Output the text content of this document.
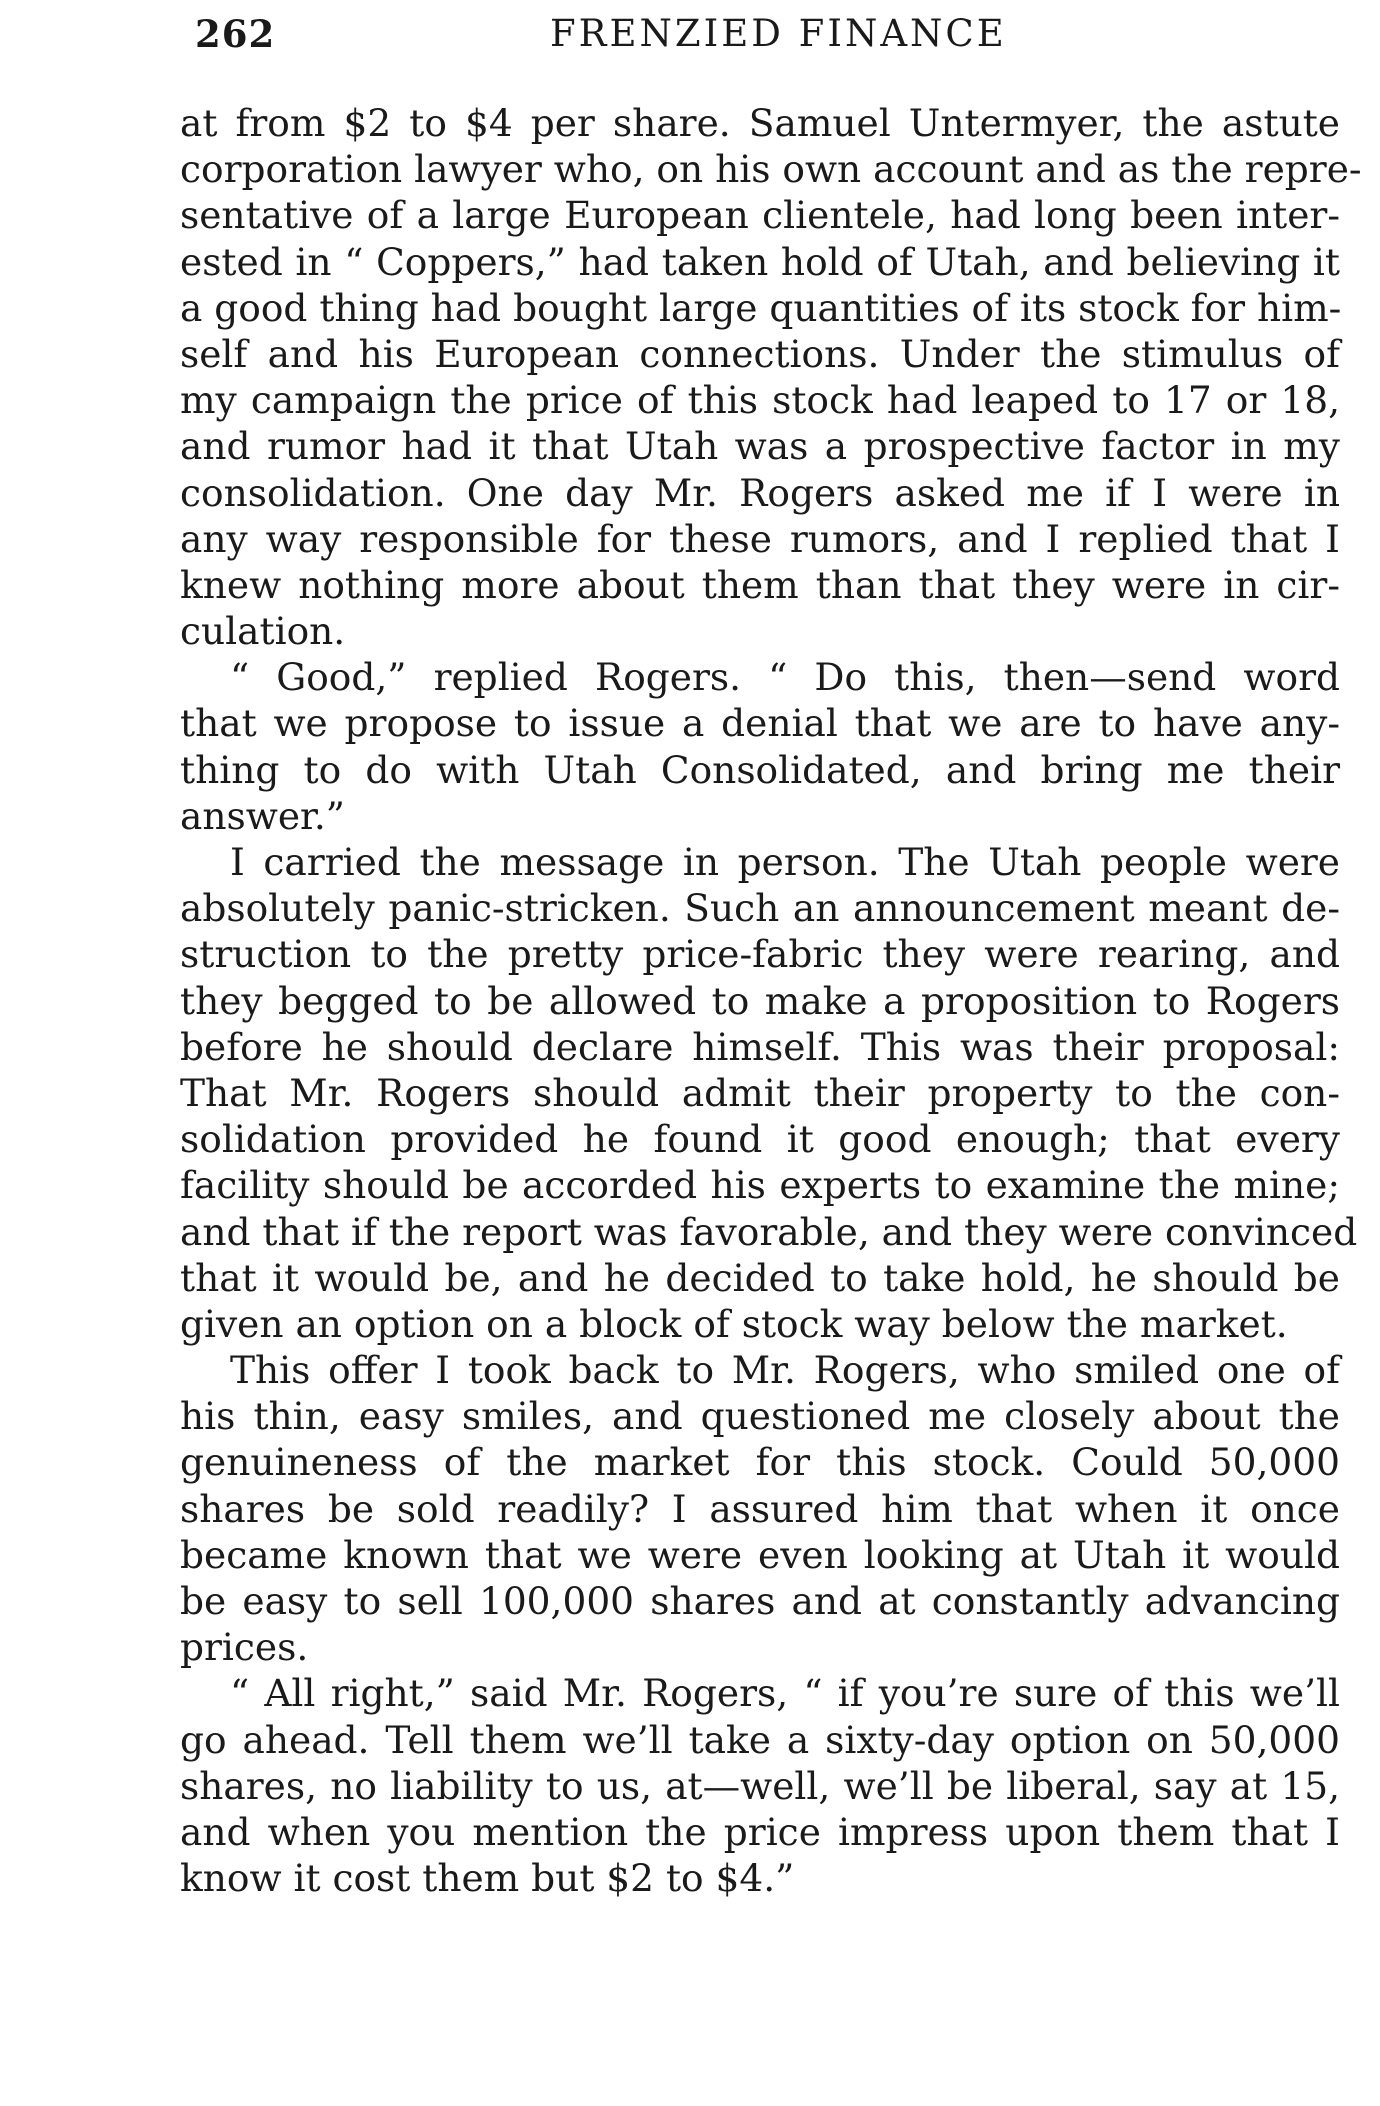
262	FRENZIED FINANCE
at from $2 to $4 per share. Samuel Untermyer, the astute
corporation lawyer who, on his own account and as the repre-
sentative of a large European clientele, had long been inter-
ested in “ Coppers,” had taken hold of Utah, and believing it
a good thing had bought large quantities of its stock for him-
self and his European connections. Under the stimulus of
my campaign the price of this stock had leaped to 17 or 18,
and rumor had it that Utah was a prospective factor in my
consolidation. One day Mr. Rogers asked me if I were in
any way responsible for these rumors, and I replied that I
knew nothing more about them than that they were in cir-
culation.
“ Good,” replied Rogers. “ Do this, then—send word
that we propose to issue a denial that we are to have any-
thing to do with Utah Consolidated, and bring me their
answer.”
I carried the message in person. The Utah people were
absolutely panic-stricken. Such an announcement meant de-
struction to the pretty price-fabric they were rearing, and
they begged to be allowed to make a proposition to Rogers
before he should declare himself. This was their proposal:
That Mr. Rogers should admit their property to the con-
solidation provided he found it good enough; that every
facility should be accorded his experts to examine the mine;
and that if the report was favorable, and they were convinced
that it would be, and he decided to take hold, he should be
given an option on a block of stock way below the market.
This offer I took back to Mr. Rogers, who smiled one of
his thin, easy smiles, and questioned me closely about the
genuineness of the market for this stock. Could 50,000
shares be sold readily? I assured him that when it once
became known that we were even looking at Utah it would
be easy to sell 100,000 shares and at constantly advancing
prices.
“ All right,” said Mr. Rogers, “ if you’re sure of this we’ll
go ahead. Tell them we’ll take a sixty-day option on 50,000
shares, no liability to us, at—well, we’ll be liberal, say at 15,
and when you mention the price impress upon them that I
know it cost them but $2 to $4.”
